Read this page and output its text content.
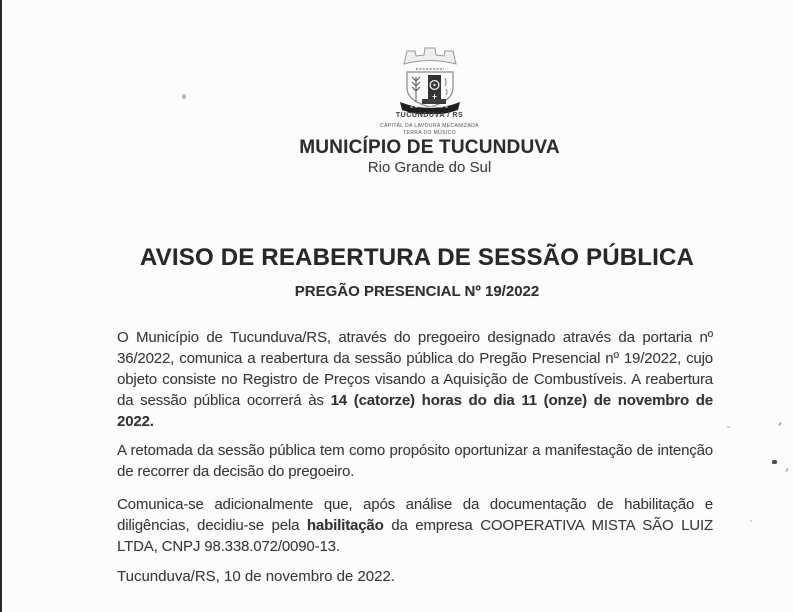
TUCUNDUVA / RS
CAPITAL DA LAVOURA MECANIZADA
TERRA DO MÚSICO
MUNICÍPIO DE TUCUNDUVA
Rio Grande do Sul
AVISO DE REABERTURA DE SESSÃO PÚBLICA
PREGÃO PRESENCIAL Nº 19/2022

O Município de Tucunduva/RS, através do pregoeiro designado através da portaria nº 36/2022, comunica a reabertura da sessão pública do Pregão Presencial nº 19/2022, cujo objeto consiste no Registro de Preços visando a Aquisição de Combustíveis. A reabertura da sessão pública ocorrerá às 14 (catorze) horas do dia 11 (onze) de novembro de 2022.

A retomada da sessão pública tem como propósito oportunizar a manifestação de intenção de recorrer da decisão do pregoeiro.

Comunica-se adicionalmente que, após análise da documentação de habilitação e diligências, decidiu-se pela habilitação da empresa COOPERATIVA MISTA SÃO LUIZ LTDA, CNPJ 98.338.072/0090-13.

Tucunduva/RS, 10 de novembro de 2022.
